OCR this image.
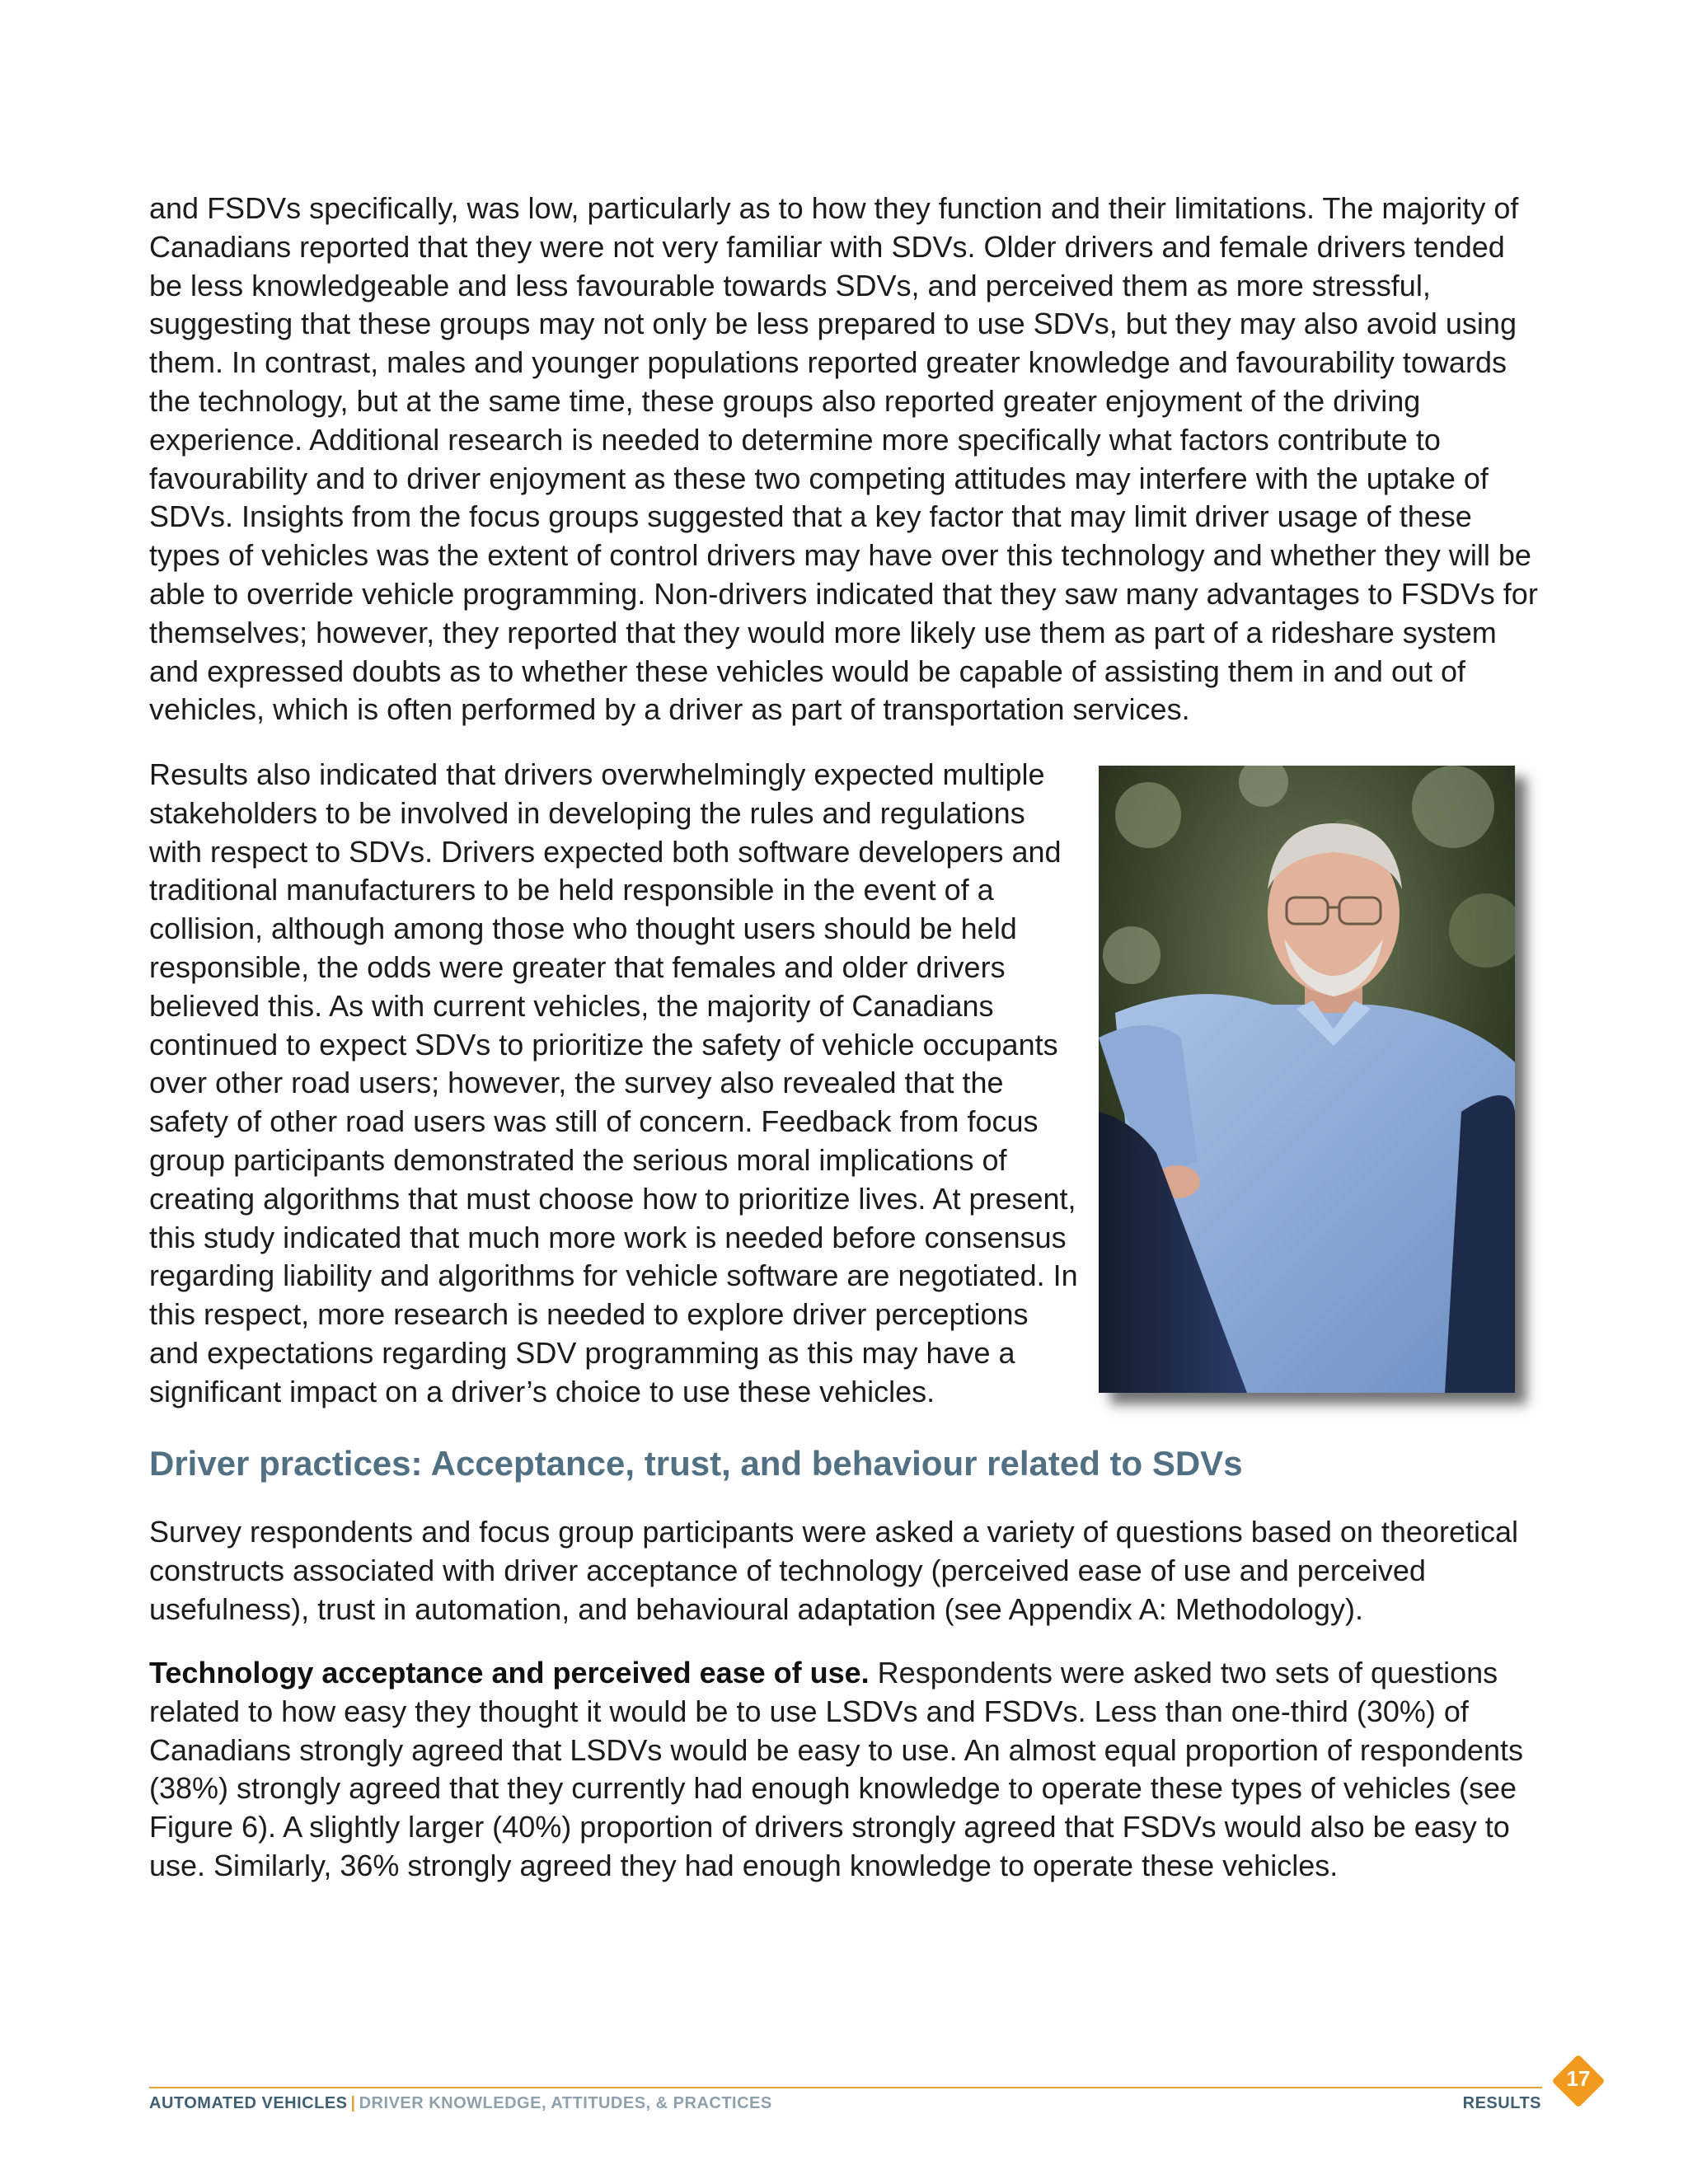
and FSDVs specifically, was low, particularly as to how they function and their limitations. The majority of Canadians reported that they were not very familiar with SDVs. Older drivers and female drivers tended be less knowledgeable and less favourable towards SDVs, and perceived them as more stressful, suggesting that these groups may not only be less prepared to use SDVs, but they may also avoid using them. In contrast, males and younger populations reported greater knowledge and favourability towards the technology, but at the same time, these groups also reported greater enjoyment of the driving experience. Additional research is needed to determine more specifically what factors contribute to favourability and to driver enjoyment as these two competing attitudes may interfere with the uptake of SDVs. Insights from the focus groups suggested that a key factor that may limit driver usage of these types of vehicles was the extent of control drivers may have over this technology and whether they will be able to override vehicle programming. Non-drivers indicated that they saw many advantages to FSDVs for themselves; however, they reported that they would more likely use them as part of a rideshare system and expressed doubts as to whether these vehicles would be capable of assisting them in and out of vehicles, which is often performed by a driver as part of transportation services.

Results also indicated that drivers overwhelmingly expected multiple stakeholders to be involved in developing the rules and regulations with respect to SDVs. Drivers expected both software developers and traditional manufacturers to be held responsible in the event of a collision, although among those who thought users should be held responsible, the odds were greater that females and older drivers believed this. As with current vehicles, the majority of Canadians continued to expect SDVs to prioritize the safety of vehicle occupants over other road users; however, the survey also revealed that the safety of other road users was still of concern. Feedback from focus group participants demonstrated the serious moral implications of creating algorithms that must choose how to prioritize lives. At present, this study indicated that much more work is needed before consensus regarding liability and algorithms for vehicle software are negotiated. In this respect, more research is needed to explore driver perceptions and expectations regarding SDV programming as this may have a significant impact on a driver’s choice to use these vehicles.

Driver practices: Acceptance, trust, and behaviour related to SDVs

Survey respondents and focus group participants were asked a variety of questions based on theoretical constructs associated with driver acceptance of technology (perceived ease of use and perceived usefulness), trust in automation, and behavioural adaptation (see Appendix A: Methodology).

Technology acceptance and perceived ease of use. Respondents were asked two sets of questions related to how easy they thought it would be to use LSDVs and FSDVs. Less than one-third (30%) of Canadians strongly agreed that LSDVs would be easy to use. An almost equal proportion of respondents (38%) strongly agreed that they currently had enough knowledge to operate these types of vehicles (see Figure 6). A slightly larger (40%) proportion of drivers strongly agreed that FSDVs would also be easy to use. Similarly, 36% strongly agreed they had enough knowledge to operate these vehicles.

AUTOMATED VEHICLES | DRIVER KNOWLEDGE, ATTITUDES, & PRACTICES	RESULTS
17
